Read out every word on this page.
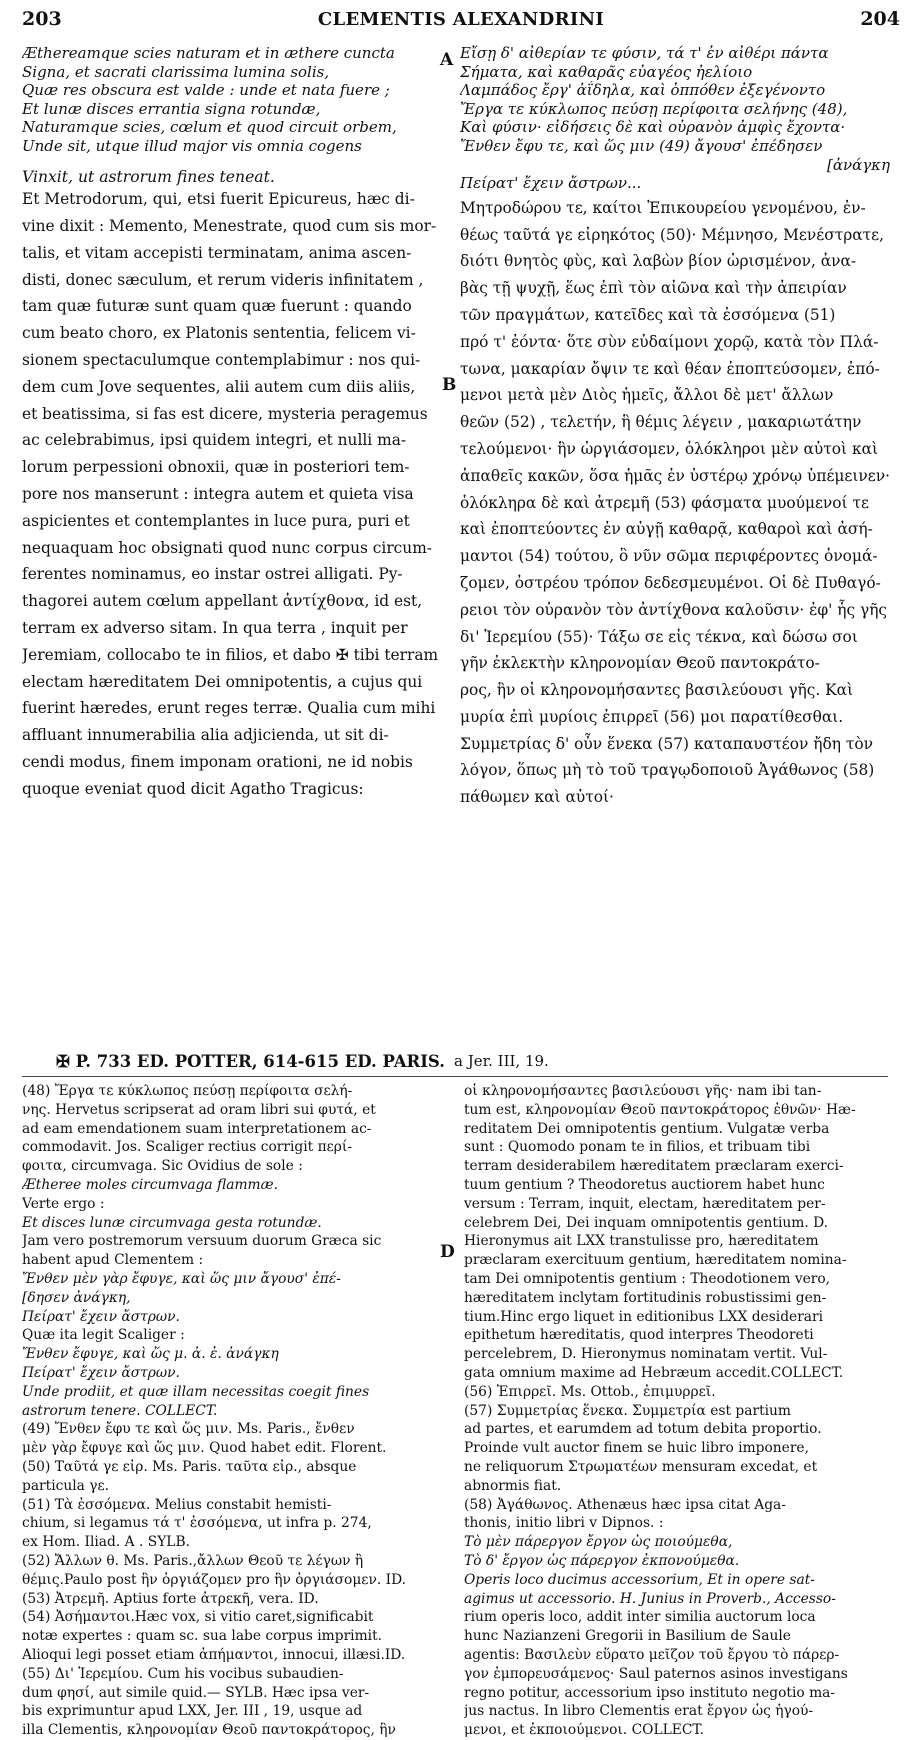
203	CLEMENTIS ALEXANDRINI	204
A
B
D
Æthereamque scies naturam et in æthere cuncta
Signa, et sacrati clarissima lumina solis,
Quæ res obscura est valde : unde et nata fuere ;
Et lunæ disces errantia signa rotundæ,
Naturamque scies, cœlum et quod circuit orbem,
Unde sit, utque illud major vis omnia cogens
Vinxit, ut astrorum fines teneat.
Et Metrodorum, qui, etsi fuerit Epicureus, hæc di-
vine dixit : Memento, Menestrate, quod cum sis mor-
talis, et vitam accepisti terminatam, anima ascen-
disti, donec sæculum, et rerum videris infinitatem ,
tam quæ futuræ sunt quam quæ fuerunt : quando
cum beato choro, ex Platonis sententia, felicem vi-
sionem spectaculumque contemplabimur : nos qui-
dem cum Jove sequentes, alii autem cum diis aliis,
et beatissima, si fas est dicere, mysteria peragemus
ac celebrabimus, ipsi quidem integri, et nulli ma-
lorum perpessioni obnoxii, quæ in posteriori tem-
pore nos manserunt : integra autem et quieta visa
aspicientes et contemplantes in luce pura, puri et
nequaquam hoc obsignati quod nunc corpus circum-
ferentes nominamus, eo instar ostrei alligati. Py-
thagorei autem cœlum appellant ἀντίχθονα, id est,
terram ex adverso sitam. In qua terra , inquit per
Jeremiam, collocabo te in filios, et dabo ✠ tibi terram
electam hæreditatem Dei omnipotentis, a cujus qui
fuerint hæredes, erunt reges terræ. Qualia cum mihi
affluant innumerabilia alia adjicienda, ut sit di-
cendi modus, finem imponam orationi, ne id nobis
quoque eveniat quod dicit Agatho Tragicus:
Εἴσῃ δ' αἰθερίαν τε φύσιν, τά τ' ἐν αἰθέρι πάντα
Σήματα, καὶ καθαρᾶς εὐαγέος ἠελίοιο
Λαμπάδος ἔργ' ἀΐδηλα, καὶ ὁππόθεν ἐξεγένοντο
Ἔργα τε κύκλωπος πεύσῃ περίφοιτα σελήνης (48),
Καὶ φύσιν· εἰδήσεις δὲ καὶ οὐρανὸν ἀμφὶς ἔχοντα·
Ἔνθεν ἔφυ τε, καὶ ὥς μιν (49) ἄγουσ' ἐπέδησεν
[ἀνάγκη
Πείρατ' ἔχειν ἄστρων...
Μητροδώρου τε, καίτοι Ἐπικουρείου γενομένου, ἐν-
θέως ταῦτά γε εἰρηκότος (50)· Μέμνησο, Μενέστρατε,
διότι θνητὸς φὺς, καὶ λαβὼν βίον ὡρισμένον, ἀνα-
βὰς τῇ ψυχῇ, ἕως ἐπὶ τὸν αἰῶνα καὶ τὴν ἀπειρίαν
τῶν πραγμάτων, κατεῖδες καὶ τὰ ἐσσόμενα (51)
πρό τ' ἐόντα· ὅτε σὺν εὐδαίμονι χορῷ, κατὰ τὸν Πλά-
τωνα, μακαρίαν ὄψιν τε καὶ θέαν ἐποπτεύσομεν, ἑπό-
μενοι μετὰ μὲν Διὸς ἡμεῖς, ἄλλοι δὲ μετ' ἄλλων
θεῶν (52) , τελετήν, ἣ θέμις λέγειν , μακαριωτάτην
τελούμενοι· ἣν ὠργιάσομεν, ὁλόκληροι μὲν αὐτοὶ καὶ
ἀπαθεῖς κακῶν, ὅσα ἡμᾶς ἐν ὑστέρῳ χρόνῳ ὑπέμεινεν·
ὁλόκληρα δὲ καὶ ἀτρεμῆ (53) φάσματα μυούμενοί τε
καὶ ἐποπτεύοντες ἐν αὐγῇ καθαρᾷ, καθαροὶ καὶ ἀσή-
μαντοι (54) τούτου, ὃ νῦν σῶμα περιφέροντες ὀνομά-
ζομεν, ὀστρέου τρόπον δεδεσμευμένοι. Οἱ δὲ Πυθαγό-
ρειοι τὸν οὐρανὸν τὸν ἀντίχθονα καλοῦσιν· ἐφ' ἧς γῆς
δι' Ἱερεμίου (55)· Τάξω σε εἰς τέκνα, καὶ δώσω σοι
γῆν ἐκλεκτὴν κληρονομίαν Θεοῦ παντοκράτο-
ρος, ἣν οἱ κληρονομήσαντες βασιλεύουσι γῆς. Καὶ
μυρία ἐπὶ μυρίοις ἐπιρρεῖ (56) μοι παρατίθεσθαι.
Συμμετρίας δ' οὖν ἕνεκα (57) καταπαυστέον ἤδη τὸν
λόγον, ὅπως μὴ τὸ τοῦ τραγῳδοποιοῦ Ἀγάθωνος (58)
πάθωμεν καὶ αὐτοί·
✠ P. 733 ED. POTTER, 614-615 ED. PARIS. a Jer. III, 19.
(48) Ἔργα τε κύκλωπος πεύσῃ περίφοιτα σελή-
νης. Hervetus scripserat ad oram libri sui φυτά, et
ad eam emendationem suam interpretationem ac-
commodavit. Jos. Scaliger rectius corrigit περί-
φοιτα, circumvaga. Sic Ovidius de sole :
Ætheree moles circumvaga flammæ.
Verte ergo :
Et disces lunæ circumvaga gesta rotundæ.
Jam vero postremorum versuum duorum Græca sic
habent apud Clementem :
Ἔνθεν μὲν γὰρ ἔφυγε, καὶ ὥς μιν ἄγουσ' ἐπέ-
[δησεν ἀνάγκη,
Πείρατ' ἔχειν ἄστρων.
Quæ ita legit Scaliger :
Ἔνθεν ἔφυγε, καὶ ὥς μ. ἀ. ἐ. ἀνάγκη
Πείρατ' ἔχειν ἄστρων.
Unde prodiit, et quæ illam necessitas coegit fines
astrorum tenere. COLLECT.
(49) Ἔνθεν ἔφυ τε καὶ ὥς μιν. Ms. Paris., ἔνθεν
μὲν γὰρ ἔφυγε καὶ ὥς μιν. Quod habet edit. Florent.
(50) Ταῦτά γε εἰρ. Ms. Paris. ταῦτα εἰρ., absque
particula γε.
(51) Τὰ ἐσσόμενα. Melius constabit hemisti-
chium, si legamus τά τ' ἐσσόμενα, ut infra p. 274,
ex Hom. Iliad. A . SYLB.
(52) Ἄλλων θ. Ms. Paris.,ἄλλων Θεοῦ τε λέγων ἢ
θέμις.Paulo post ἣν ὀργιάζομεν pro ἣν ὀργιάσομεν. ID.
(53) Ἀτρεμῆ. Aptius forte ἀτρεκῆ, vera. ID.
(54) Ἀσήμαντοι.Hæc vox, si vitio caret,significabit
notæ expertes : quam sc. sua labe corpus imprimit.
Alioqui legi posset etiam ἀπήμαντοι, innocui, illæsi.ID.
(55) Δι' Ἱερεμίου. Cum his vocibus subaudien-
dum φησί, aut simile quid.— SYLB. Hæc ipsa ver-
bis exprimuntur apud LXX, Jer. III , 19, usque ad
illa Clementis, κληρονομίαν Θεοῦ παντοκράτορος, ἣν
οἱ κληρονομήσαντες βασιλεύουσι γῆς· nam ibi tan-
tum est, κληρονομίαν Θεοῦ παντοκράτορος ἐθνῶν· Hæ-
reditatem Dei omnipotentis gentium. Vulgatæ verba
sunt : Quomodo ponam te in filios, et tribuam tibi
terram desiderabilem hæreditatem præclaram exerci-
tuum gentium ? Theodoretus auctiorem habet hunc
versum : Terram, inquit, electam, hæreditatem per-
celebrem Dei, Dei inquam omnipotentis gentium. D.
Hieronymus ait LXX transtulisse pro, hæreditatem
præclaram exercituum gentium, hæreditatem nomina-
tam Dei omnipotentis gentium : Theodotionem vero,
hæreditatem inclytam fortitudinis robustissimi gen-
tium.Hinc ergo liquet in editionibus LXX desiderari
epithetum hæreditatis, quod interpres Theodoreti
percelebrem, D. Hieronymus nominatam vertit. Vul-
gata omnium maxime ad Hebræum accedit.COLLECT.
(56) Ἐπιρρεῖ. Ms. Ottob., ἐπιμυρρεῖ.
(57) Συμμετρίας ἕνεκα. Συμμετρία est partium
ad partes, et earumdem ad totum debita proportio.
Proinde vult auctor finem se huic libro imponere,
ne reliquorum Στρωματέων mensuram excedat, et
abnormis fiat.
(58) Ἀγάθωνος. Athenæus hæc ipsa citat Aga-
thonis, initio libri v Dipnos. :
Τὸ μὲν πάρεργον ἔργον ὡς ποιούμεθα,
Τὸ δ' ἔργον ὡς πάρεργον ἐκπονούμεθα.
Operis loco ducimus accessorium, Et in opere sat-
agimus ut accessorio. H. Junius in Proverb., Accesso-
rium operis loco, addit inter similia auctorum loca
hunc Nazianzeni Gregorii in Basilium de Saule
agentis: Βασιλεὺν εὕρατο μεῖζον τοῦ ἔργου τὸ πάρερ-
γον ἐμπορευσάμενος· Saul paternos asinos investigans
regno potitur, accessorium ipso instituto negotio ma-
jus nactus. In libro Clementis erat ἔργον ὡς ἡγού-
μενοι, et ἐκποιούμενοι. COLLECT.
